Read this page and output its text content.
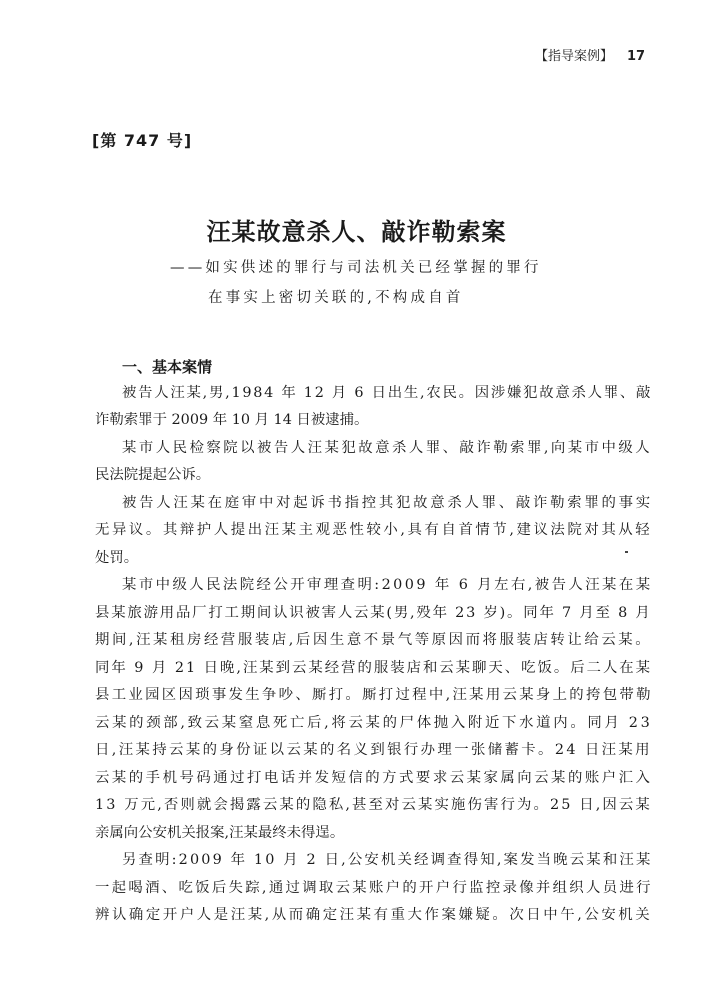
【指导案例】 17
[第 747 号]
汪某故意杀人、敲诈勒索案
——如实供述的罪行与司法机关已经掌握的罪行
在事实上密切关联的,不构成自首
一、基本案情
被告人汪某,男,1984 年 12 月 6 日出生,农民。因涉嫌犯故意杀人罪、敲
诈勒索罪于 2009 年 10 月 14 日被逮捕。
某市人民检察院以被告人汪某犯故意杀人罪、敲诈勒索罪,向某市中级人
民法院提起公诉。
被告人汪某在庭审中对起诉书指控其犯故意杀人罪、敲诈勒索罪的事实
无异议。其辩护人提出汪某主观恶性较小,具有自首情节,建议法院对其从轻
处罚。
某市中级人民法院经公开审理查明:2009 年 6 月左右,被告人汪某在某
县某旅游用品厂打工期间认识被害人云某(男,殁年 23 岁)。同年 7 月至 8 月
期间,汪某租房经营服装店,后因生意不景气等原因而将服装店转让给云某。
同年 9 月 21 日晚,汪某到云某经营的服装店和云某聊天、吃饭。后二人在某
县工业园区因琐事发生争吵、厮打。厮打过程中,汪某用云某身上的挎包带勒
云某的颈部,致云某窒息死亡后,将云某的尸体抛入附近下水道内。同月 23
日,汪某持云某的身份证以云某的名义到银行办理一张储蓄卡。24 日汪某用
云某的手机号码通过打电话并发短信的方式要求云某家属向云某的账户汇入
13 万元,否则就会揭露云某的隐私,甚至对云某实施伤害行为。25 日,因云某
亲属向公安机关报案,汪某最终未得逞。
另查明:2009 年 10 月 2 日,公安机关经调查得知,案发当晚云某和汪某
一起喝酒、吃饭后失踪,通过调取云某账户的开户行监控录像并组织人员进行
辨认确定开户人是汪某,从而确定汪某有重大作案嫌疑。次日中午,公安机关
